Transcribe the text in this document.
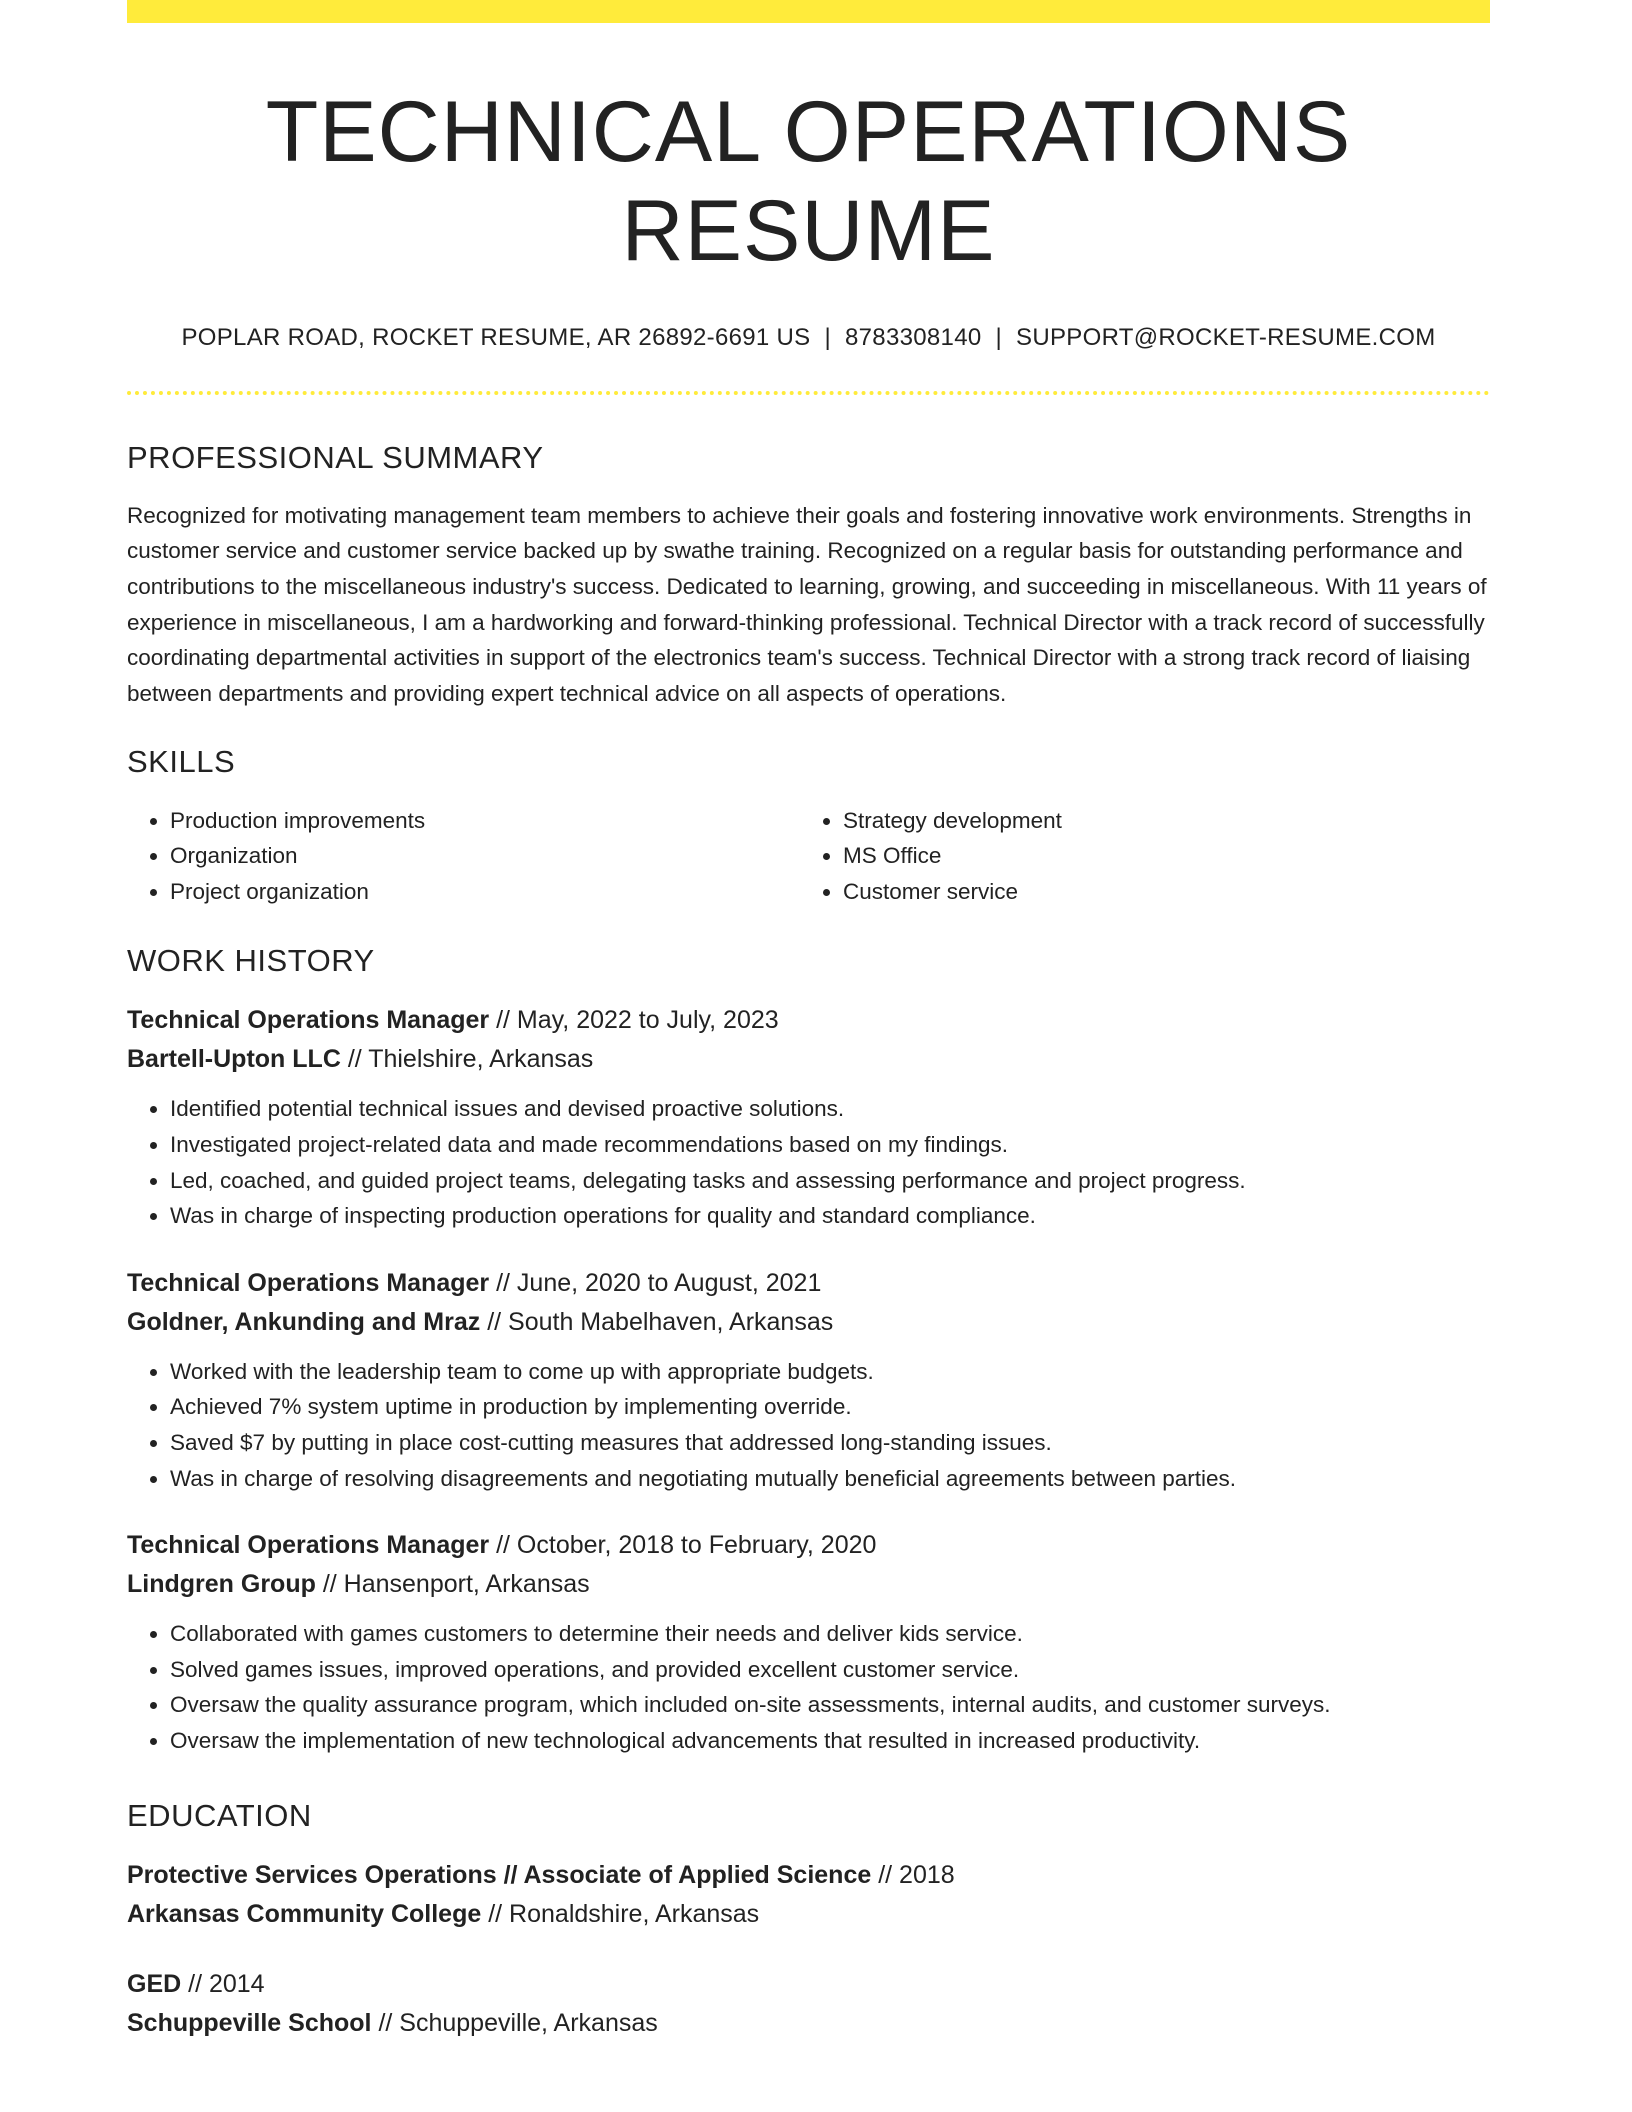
TECHNICAL OPERATIONS RESUME
POPLAR ROAD, ROCKET RESUME, AR 26892-6691 US | 8783308140 | SUPPORT@ROCKET-RESUME.COM
PROFESSIONAL SUMMARY

Recognized for motivating management team members to achieve their goals and fostering innovative work environments. Strengths in customer service and customer service backed up by swathe training. Recognized on a regular basis for outstanding performance and contributions to the miscellaneous industry's success. Dedicated to learning, growing, and succeeding in miscellaneous. With 11 years of experience in miscellaneous, I am a hardworking and forward-thinking professional. Technical Director with a track record of successfully coordinating departmental activities in support of the electronics team's success. Technical Director with a strong track record of liaising between departments and providing expert technical advice on all aspects of operations.

SKILLS
• Production improvements
• Organization
• Project organization
• Strategy development
• MS Office
• Customer service
WORK HISTORY
Technical Operations Manager // May, 2022 to July, 2023
Bartell-Upton LLC // Thielshire, Arkansas
• Identified potential technical issues and devised proactive solutions.
• Investigated project-related data and made recommendations based on my findings.
• Led, coached, and guided project teams, delegating tasks and assessing performance and project progress.
• Was in charge of inspecting production operations for quality and standard compliance.
Technical Operations Manager // June, 2020 to August, 2021
Goldner, Ankunding and Mraz // South Mabelhaven, Arkansas
• Worked with the leadership team to come up with appropriate budgets.
• Achieved 7% system uptime in production by implementing override.
• Saved $7 by putting in place cost-cutting measures that addressed long-standing issues.
• Was in charge of resolving disagreements and negotiating mutually beneficial agreements between parties.
Technical Operations Manager // October, 2018 to February, 2020
Lindgren Group // Hansenport, Arkansas
• Collaborated with games customers to determine their needs and deliver kids service.
• Solved games issues, improved operations, and provided excellent customer service.
• Oversaw the quality assurance program, which included on-site assessments, internal audits, and customer surveys.
• Oversaw the implementation of new technological advancements that resulted in increased productivity.
EDUCATION
Protective Services Operations // Associate of Applied Science // 2018
Arkansas Community College // Ronaldshire, Arkansas
GED // 2014
Schuppeville School // Schuppeville, Arkansas
